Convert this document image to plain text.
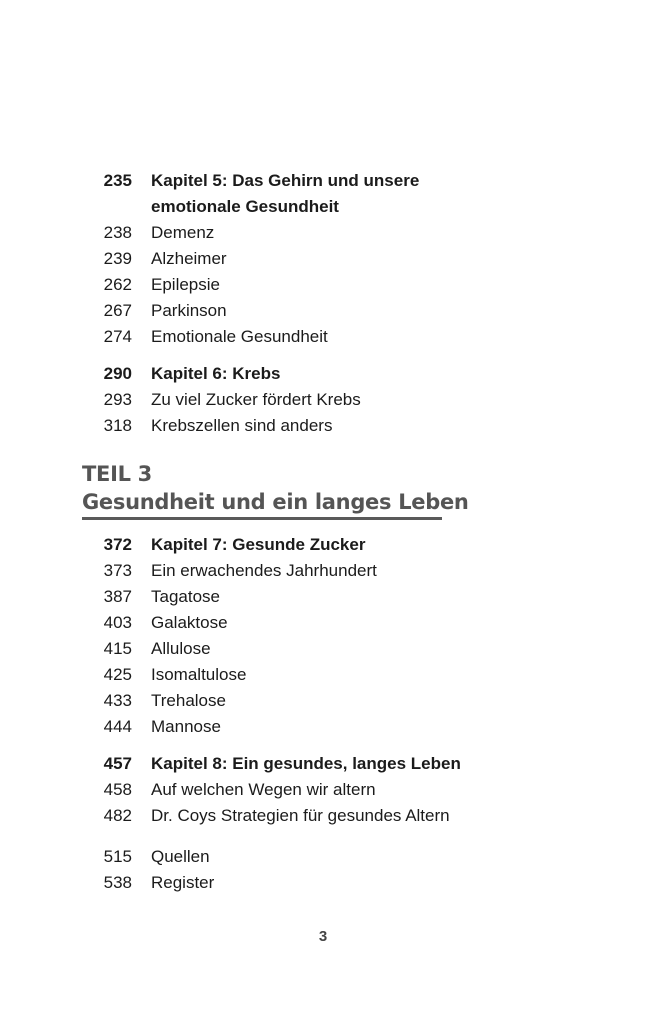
235 Kapitel 5: Das Gehirn und unsere
emotionale Gesundheit
238 Demenz
239 Alzheimer
262 Epilepsie
267 Parkinson
274 Emotionale Gesundheit
290 Kapitel 6: Krebs
293 Zu viel Zucker fördert Krebs
318 Krebszellen sind anders
TEIL 3
Gesundheit und ein langes Leben
372 Kapitel 7: Gesunde Zucker
373 Ein erwachendes Jahrhundert
387 Tagatose
403 Galaktose
415 Allulose
425 Isomaltulose
433 Trehalose
444 Mannose
457 Kapitel 8: Ein gesundes, langes Leben
458 Auf welchen Wegen wir altern
482 Dr. Coys Strategien für gesundes Altern
515 Quellen
538 Register
3
